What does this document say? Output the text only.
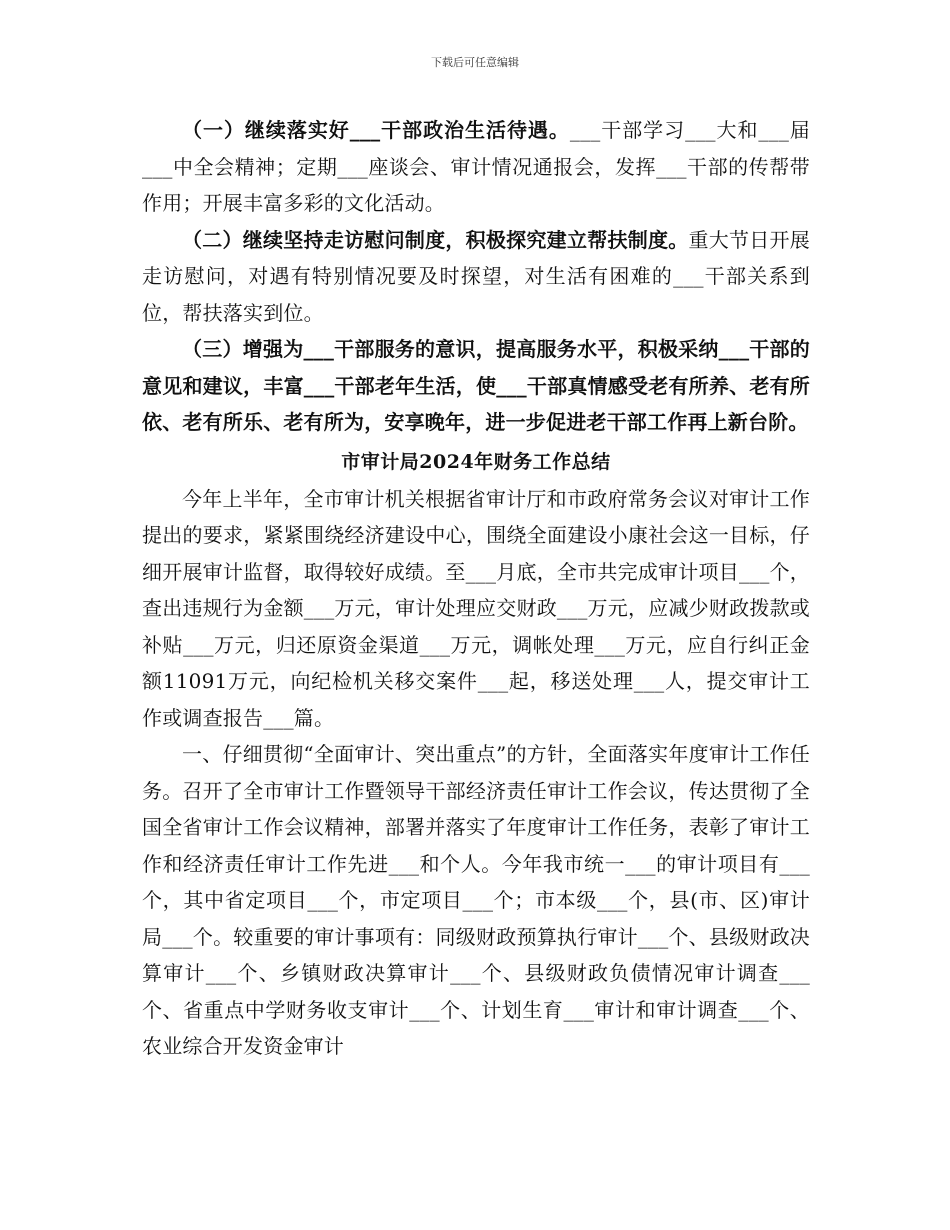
下载后可任意编辑

（一）继续落实好___干部政治生活待遇。___干部学习___大和___届___中全会精神；定期___座谈会、审计情况通报会，发挥___干部的传帮带作用；开展丰富多彩的文化活动。

（二）继续坚持走访慰问制度，积极探究建立帮扶制度。重大节日开展走访慰问，对遇有特别情况要及时探望，对生活有困难的___干部关系到位，帮扶落实到位。

（三）增强为___干部服务的意识，提高服务水平，积极采纳___干部的意见和建议，丰富___干部老年生活，使___干部真情感受老有所养、老有所依、老有所乐、老有所为，安享晚年，进一步促进老干部工作再上新台阶。

市审计局2024年财务工作总结

今年上半年，全市审计机关根据省审计厅和市政府常务会议对审计工作提出的要求，紧紧围绕经济建设中心，围绕全面建设小康社会这一目标，仔细开展审计监督，取得较好成绩。至___月底，全市共完成审计项目___个，查出违规行为金额___万元，审计处理应交财政___万元，应减少财政拨款或补贴___万元，归还原资金渠道___万元，调帐处理___万元，应自行纠正金额11091万元，向纪检机关移交案件___起，移送处理___人，提交审计工作或调查报告___篇。

一、仔细贯彻“全面审计、突出重点”的方针，全面落实年度审计工作任务。召开了全市审计工作暨领导干部经济责任审计工作会议，传达贯彻了全国全省审计工作会议精神，部署并落实了年度审计工作任务，表彰了审计工作和经济责任审计工作先进___和个人。今年我市统一___的审计项目有___个，其中省定项目___个，市定项目___个；市本级___个，县(市、区)审计局___个。较重要的审计事项有：同级财政预算执行审计___个、县级财政决算审计___个、乡镇财政决算审计___个、县级财政负债情况审计调查___个、省重点中学财务收支审计___个、计划生育___审计和审计调查___个、农业综合开发资金审计
